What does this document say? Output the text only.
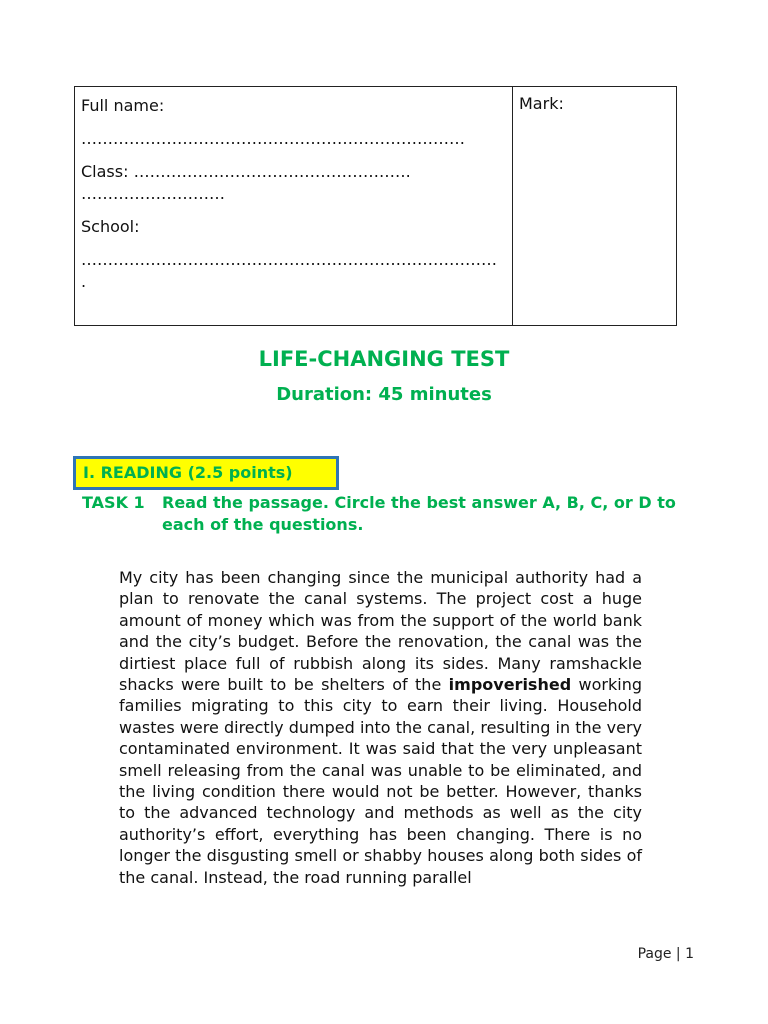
Full name:

………………………………………………………………

Class: …………………………………………….

………………………

School:

……………………………………………………………………

.

Mark:
LIFE-CHANGING TEST
Duration: 45 minutes
I. READING (2.5 points)
TASK 1 Read the passage. Circle the best answer A, B, C, or D to each of the questions.
My city has been changing since the municipal authority had a plan to renovate the canal systems. The project cost a huge amount of money which was from the support of the world bank and the city’s budget. Before the renovation, the canal was the dirtiest place full of rubbish along its sides. Many ramshackle shacks were built to be shelters of the impoverished working families migrating to this city to earn their living. Household wastes were directly dumped into the canal, resulting in the very contaminated environment. It was said that the very unpleasant smell releasing from the canal was unable to be eliminated, and the living condition there would not be better. However, thanks to the advanced technology and methods as well as the city authority’s effort, everything has been changing. There is no longer the disgusting smell or shabby houses along both sides of the canal. Instead, the road running parallel
Page | 1
